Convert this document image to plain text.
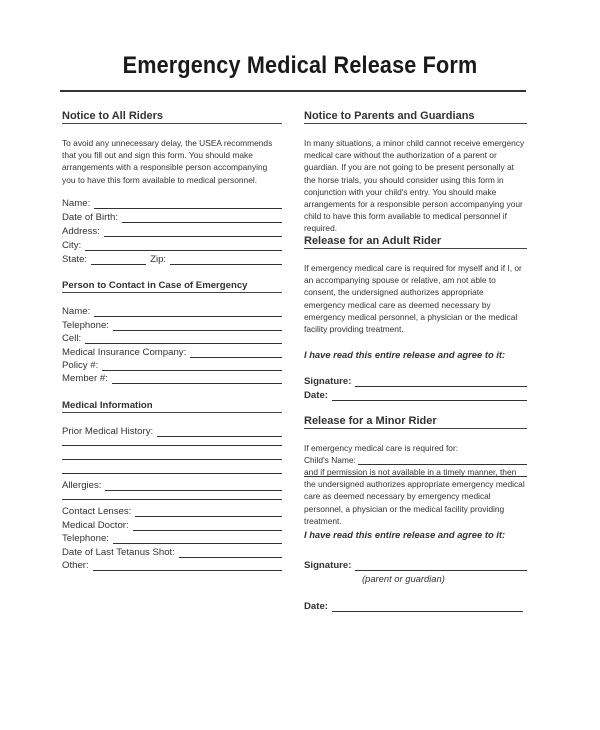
Emergency Medical Release Form
Notice to All Riders
To avoid any unnecessary delay, the USEA recommends that you fill out and sign this form. You should make arrangements with a responsible person accompanying you to have this form available to medical personnel.
Name:
Date of Birth:
Address:
City:
State:	Zip:
Person to Contact in Case of Emergency
Name:
Telephone:
Cell:
Medical Insurance Company:
Policy #:
Member #:
Medical Information
Prior Medical History:
Allergies:
Contact Lenses:
Medical Doctor:
Telephone:
Date of Last Tetanus Shot:
Other:
Notice to Parents and Guardians
In many situations, a minor child cannot receive emergency medical care without the authorization of a parent or guardian. If you are not going to be present personally at the horse trials, you should consider using this form in conjunction with your child's entry. You should make arrangements for a responsible person accompanying your child to have this form available to medical personnel if required.
Release for an Adult Rider
If emergency medical care is required for myself and if I, or an accompanying spouse or relative, am not able to consent, the undersigned authorizes appropriate emergency medical care as deemed necessary by emergency medical personnel, a physician or the medical facility providing treatment.
I have read this entire release and agree to it:
Signature:
Date:
Release for a Minor Rider
If emergency medical care is required for:
Child's Name:
and if permission is not available in a timely manner, then the undersigned authorizes appropriate emergency medical care as deemed necessary by emergency medical personnel, a physician or the medical facility providing treatment.
I have read this entire release and agree to it:
Signature:
(parent or guardian)
Date:
